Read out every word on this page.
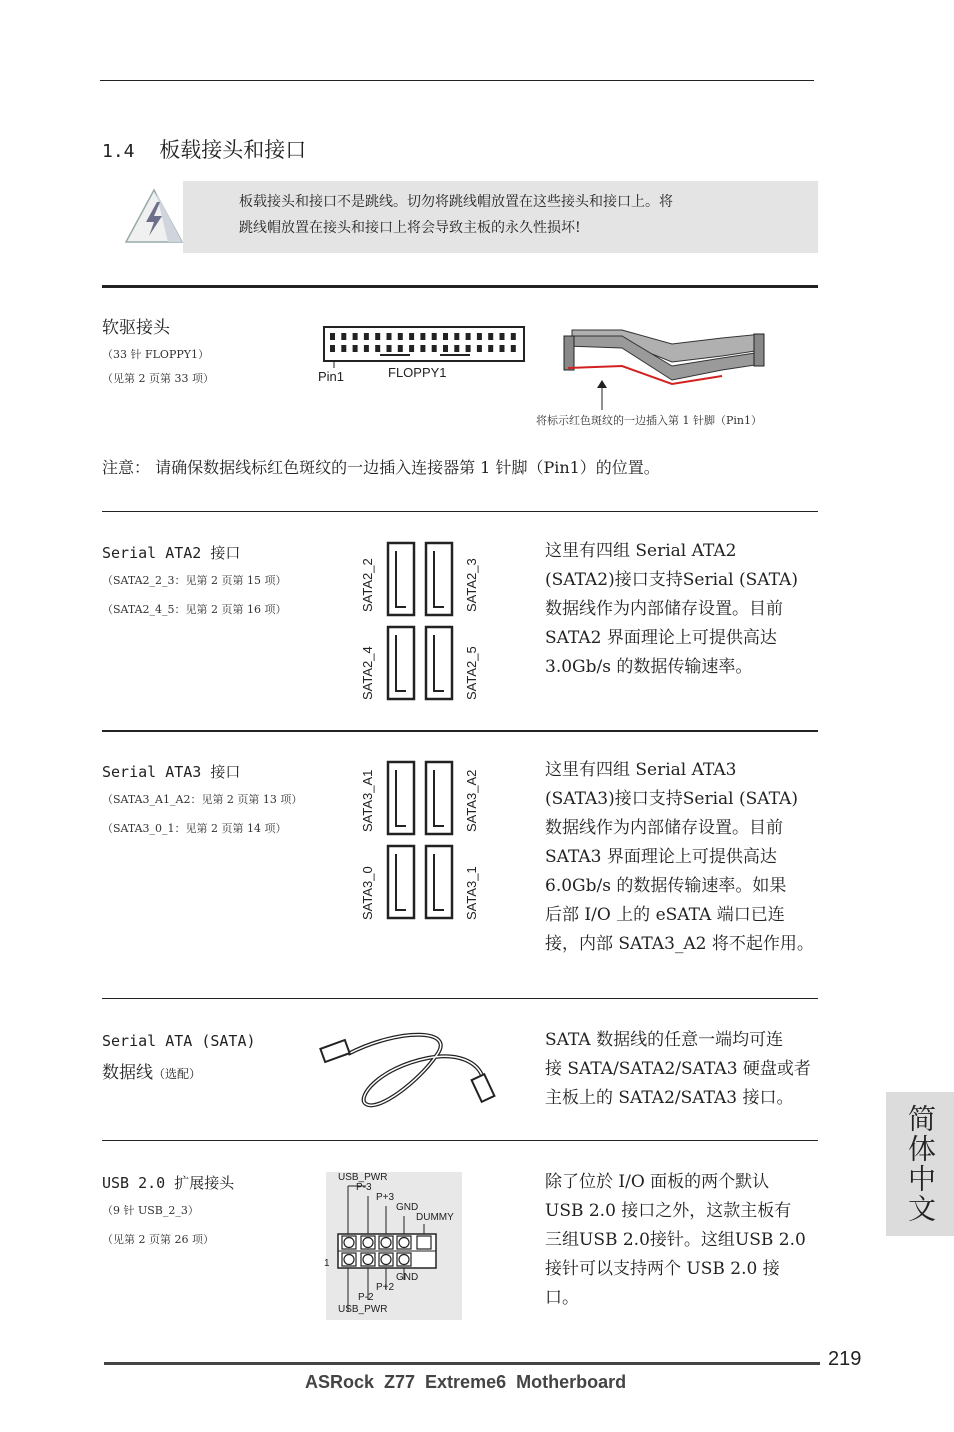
1.4 板载接头和接口
板载接头和接口不是跳线。切勿将跳线帽放置在这些接头和接口上。将
跳线帽放置在接头和接口上将会导致主板的永久性损坏!
软驱接头
（33 针 FLOPPY1）
（见第 2 页第 33 项）	Pin1	FLOPPY1
将标示红色斑纹的一边插入第 1 针脚（Pin1）
注意： 请确保数据线标红色斑纹的一边插入连接器第 1 针脚（Pin1）的位置。
Serial ATA2 接口
（SATA2_2_3：见第 2 页第 15 项）
（SATA2_4_5：见第 2 页第 16 项）	SATA2_2	SATA2_3
SATA2_4	SATA2_5
这里有四组 Serial ATA2
(SATA2)接口支持Serial (SATA)
数据线作为内部储存设置。目前
SATA2 界面理论上可提供高达
3.0Gb/s 的数据传输速率。
Serial ATA3 接口
（SATA3_A1_A2：见第 2 页第 13 项）
（SATA3_0_1：见第 2 页第 14 项）	SATA3_A1	SATA3_A2
SATA3_0	SATA3_1
这里有四组 Serial ATA3
(SATA3)接口支持Serial (SATA)
数据线作为内部储存设置。目前
SATA3 界面理论上可提供高达
6.0Gb/s 的数据传输速率。如果
后部 I/O 上的 eSATA 端口已连
接，内部 SATA3_A2 将不起作用。
Serial ATA (SATA)
数据线（选配）
SATA 数据线的任意一端均可连
接 SATA/SATA2/SATA3 硬盘或者
主板上的 SATA2/SATA3 接口。
USB 2.0 扩展接头
（9 针 USB_2_3）
（见第 2 页第 26 项）
USB_PWR
P-3
P+3
GND
DUMMY
GND
P+2
P-2
USB_PWR
1
除了位於 I/O 面板的两个默认
USB 2.0 接口之外，这款主板有
三组USB 2.0接针。这组USB 2.0
接针可以支持两个 USB 2.0 接
口。
简体中文
219
ASRock  Z77  Extreme6  Motherboard
